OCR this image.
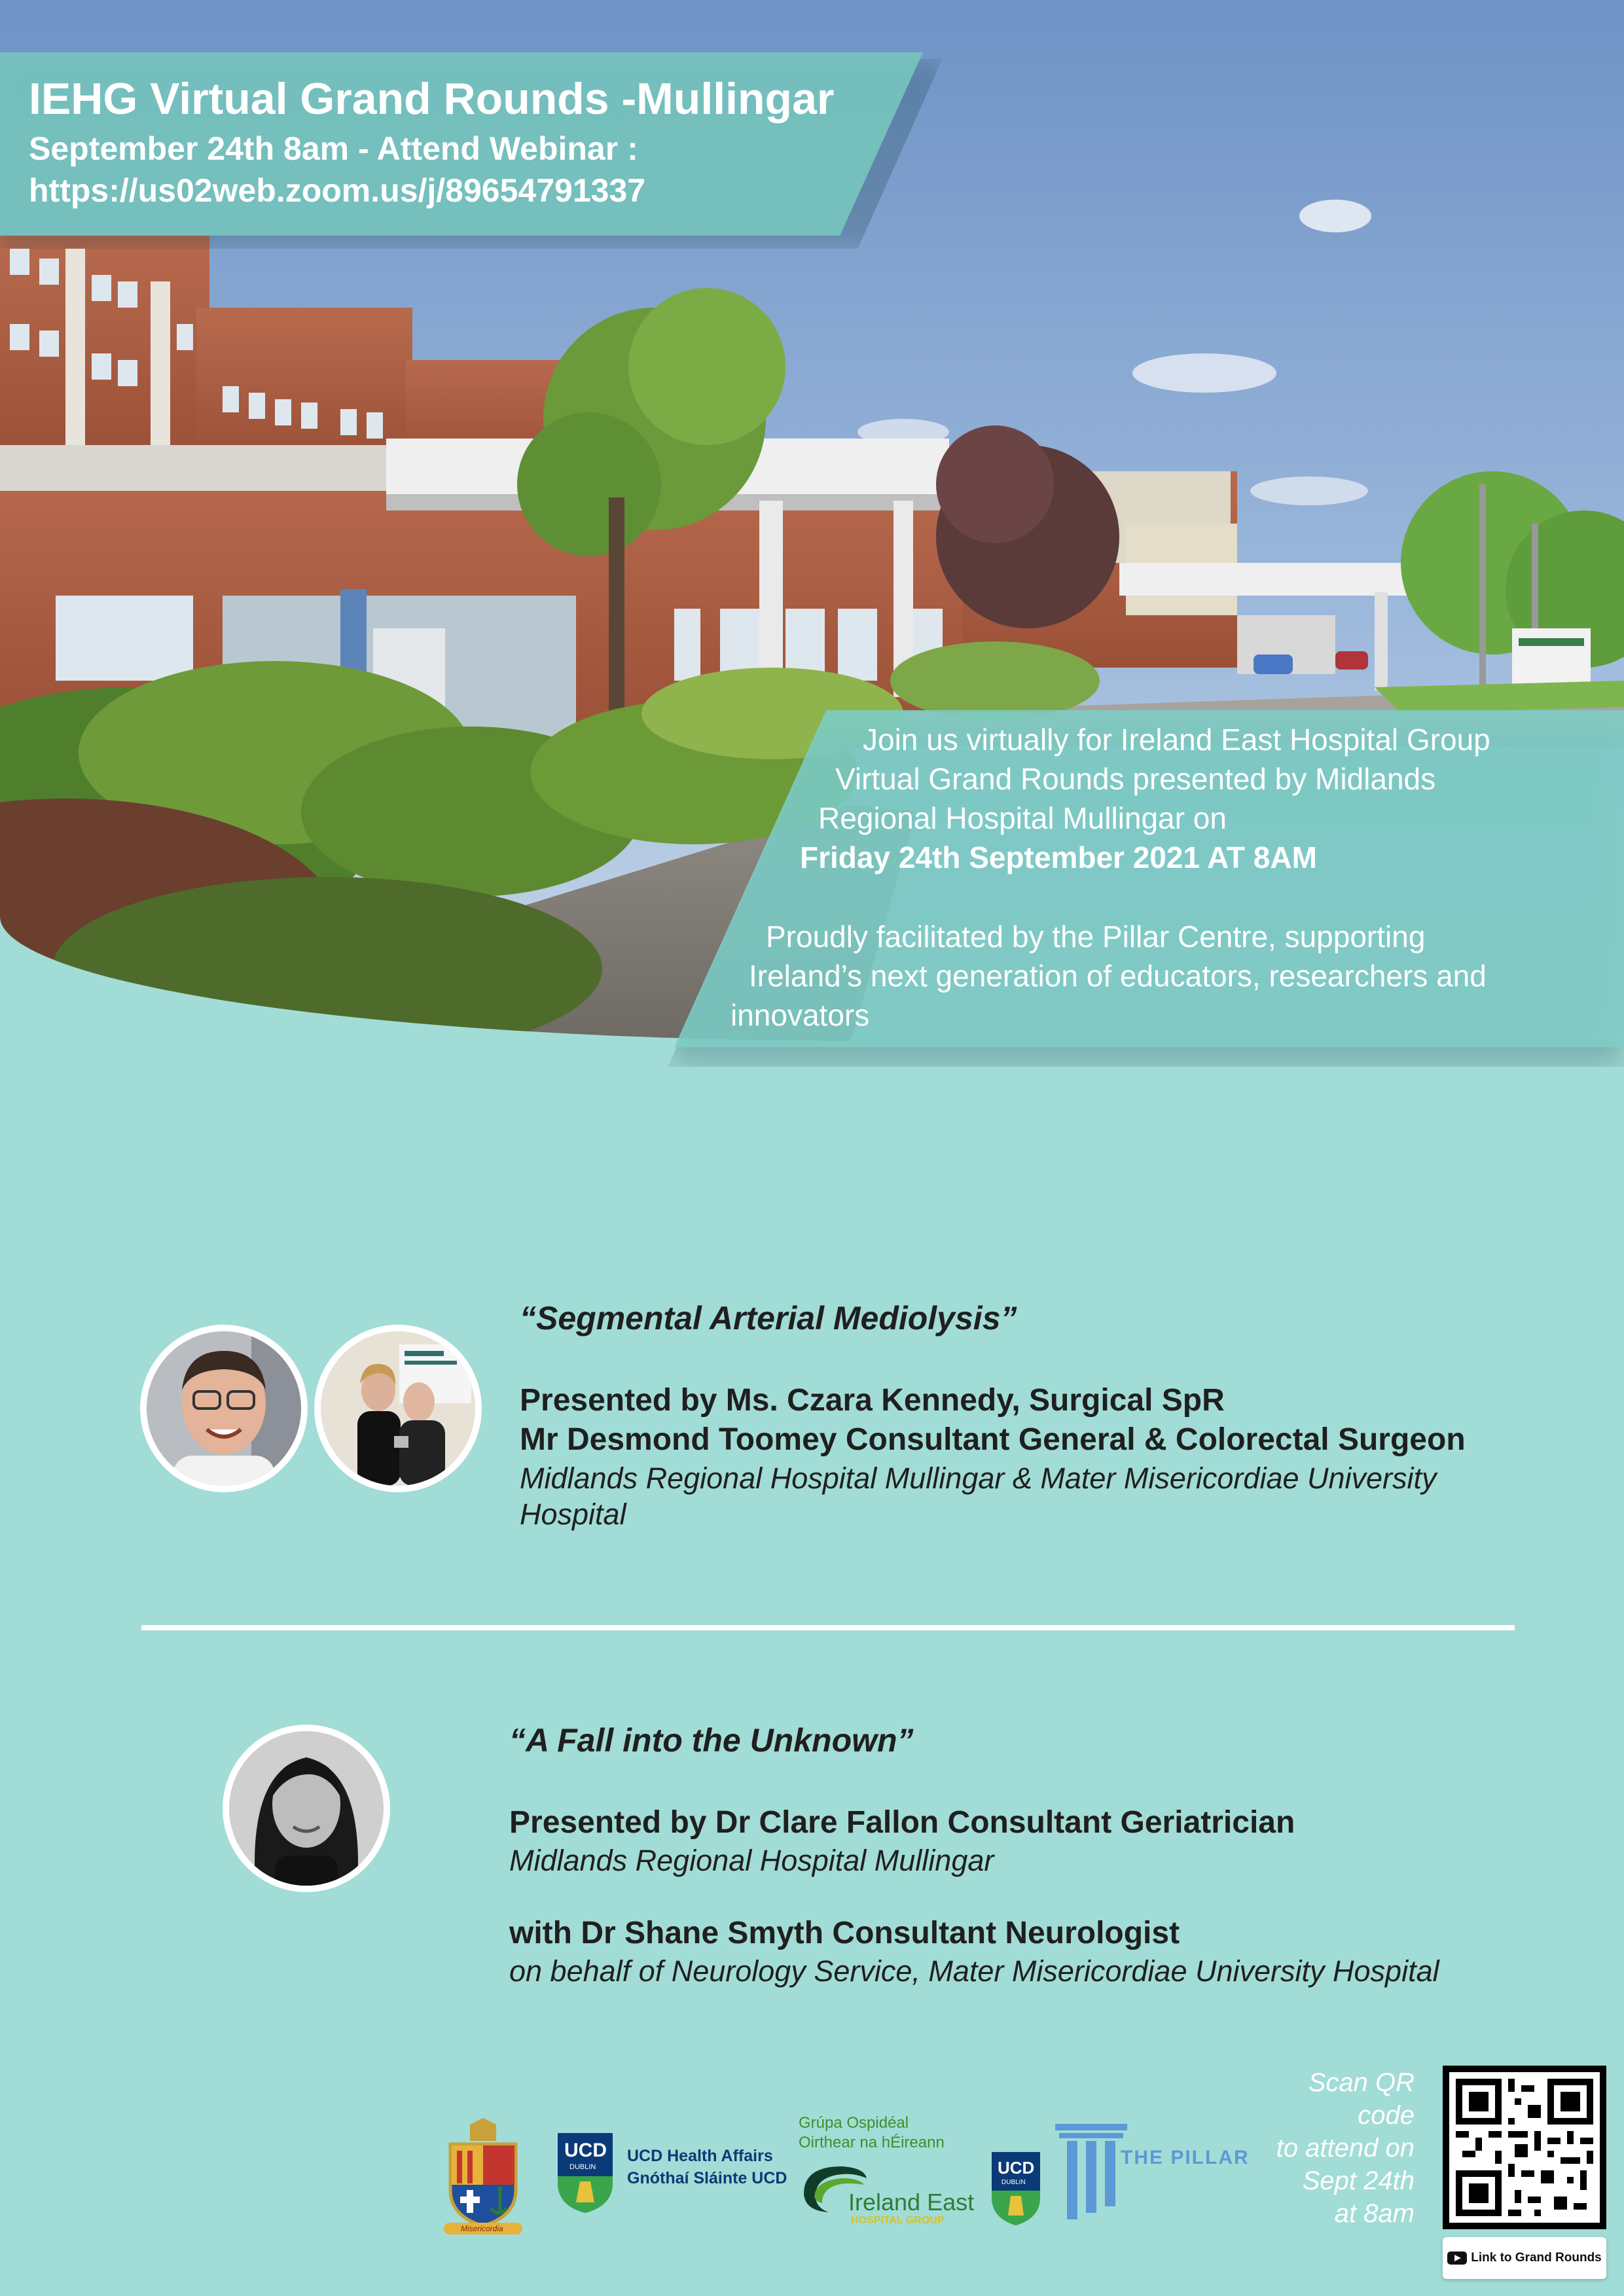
IEHG Virtual Grand Rounds -Mullingar
September 24th 8am - Attend Webinar :
https://us02web.zoom.us/j/89654791337
Join us virtually for Ireland East Hospital Group
Virtual Grand Rounds presented by Midlands
Regional Hospital Mullingar on
Friday 24th September 2021 AT 8AM
Proudly facilitated by the Pillar Centre, supporting
Ireland’s next generation of educators, researchers and
innovators
“Segmental Arterial Mediolysis”
Presented by Ms. Czara Kennedy, Surgical SpR
Mr Desmond Toomey Consultant General & Colorectal Surgeon
Midlands Regional Hospital Mullingar & Mater Misericordiae University
Hospital
“A Fall into the Unknown”
Presented by Dr Clare Fallon Consultant Geriatrician
Midlands Regional Hospital Mullingar
with Dr Shane Smyth Consultant Neurologist
on behalf of Neurology Service, Mater Misericordiae University Hospital
Misericordia
UCD
DUBLIN
UCD Health Affairs
Gnóthaí Sláinte UCD
Grúpa Ospidéal
Oirthear na hÉireann
Ireland East
HOSPITAL GROUP
UCD
DUBLIN
THE PILLAR
Scan QR
code
to attend on
Sept 24th
at 8am
Link to Grand Rounds
